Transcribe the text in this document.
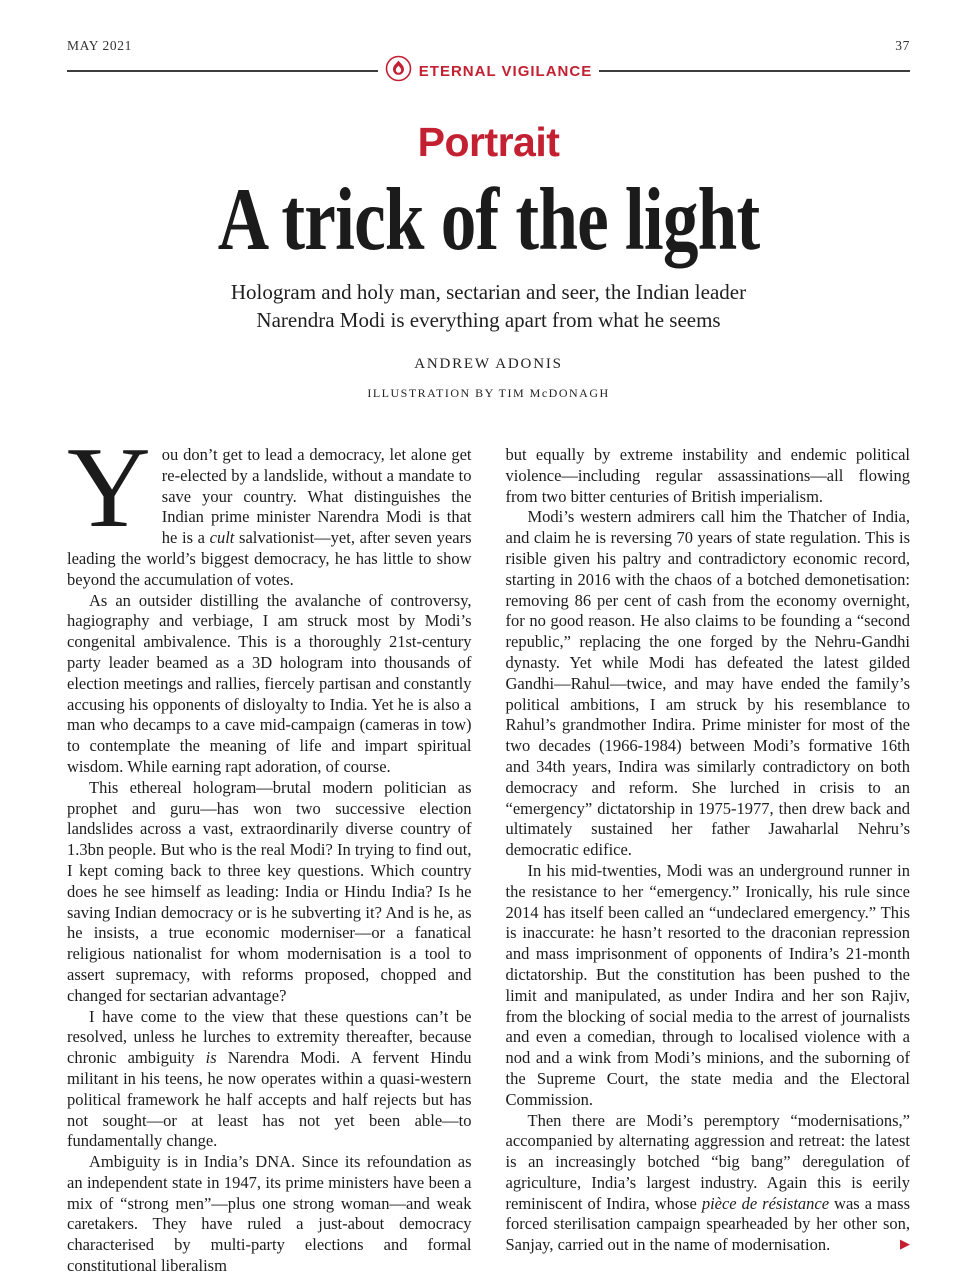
MAY 2021	37
ETERNAL VIGILANCE
Portrait
A trick of the light
Hologram and holy man, sectarian and seer, the Indian leader
Narendra Modi is everything apart from what he seems
ANDREW ADONIS
ILLUSTRATION BY TIM McDONAGH

You don’t get to lead a democracy, let alone get re-elected by a landslide, without a mandate to save your country. What distinguishes the Indian prime minister Narendra Modi is that he is a cult salvationist—yet, after seven years leading the world’s biggest democracy, he has little to show beyond the accumulation of votes.

As an outsider distilling the avalanche of controversy, hagiography and verbiage, I am struck most by Modi’s congenital ambivalence. This is a thoroughly 21st-century party leader beamed as a 3D hologram into thousands of election meetings and rallies, fiercely partisan and constantly accusing his opponents of disloyalty to India. Yet he is also a man who decamps to a cave mid-campaign (cameras in tow) to contemplate the meaning of life and impart spiritual wisdom. While earning rapt adoration, of course.

This ethereal hologram—brutal modern politician as prophet and guru—has won two successive election landslides across a vast, extraordinarily diverse country of 1.3bn people. But who is the real Modi? In trying to find out, I kept coming back to three key questions. Which country does he see himself as leading: India or Hindu India? Is he saving Indian democracy or is he subverting it? And is he, as he insists, a true economic moderniser—or a fanatical religious nationalist for whom modernisation is a tool to assert supremacy, with reforms proposed, chopped and changed for sectarian advantage?

I have come to the view that these questions can’t be resolved, unless he lurches to extremity thereafter, because chronic ambiguity is Narendra Modi. A fervent Hindu militant in his teens, he now operates within a quasi-western political framework he half accepts and half rejects but has not sought—or at least has not yet been able—to fundamentally change.

Ambiguity is in India’s DNA. Since its refoundation as an independent state in 1947, its prime ministers have been a mix of “strong men”—plus one strong woman—and weak caretakers. They have ruled a just-about democracy characterised by multi-party elections and formal constitutional liberalism

but equally by extreme instability and endemic political violence—including regular assassinations—all flowing from two bitter centuries of British imperialism.

Modi’s western admirers call him the Thatcher of India, and claim he is reversing 70 years of state regulation. This is risible given his paltry and contradictory economic record, starting in 2016 with the chaos of a botched demonetisation: removing 86 per cent of cash from the economy overnight, for no good reason. He also claims to be founding a “second republic,” replacing the one forged by the Nehru-Gandhi dynasty. Yet while Modi has defeated the latest gilded Gandhi—Rahul—twice, and may have ended the family’s political ambitions, I am struck by his resemblance to Rahul’s grandmother Indira. Prime minister for most of the two decades (1966-1984) between Modi’s formative 16th and 34th years, Indira was similarly contradictory on both democracy and reform. She lurched in crisis to an “emergency” dictatorship in 1975-1977, then drew back and ultimately sustained her father Jawaharlal Nehru’s democratic edifice.

In his mid-twenties, Modi was an underground runner in the resistance to her “emergency.” Ironically, his rule since 2014 has itself been called an “undeclared emergency.” This is inaccurate: he hasn’t resorted to the draconian repression and mass imprisonment of opponents of Indira’s 21-month dictatorship. But the constitution has been pushed to the limit and manipulated, as under Indira and her son Rajiv, from the blocking of social media to the arrest of journalists and even a comedian, through to localised violence with a nod and a wink from Modi’s minions, and the suborning of the Supreme Court, the state media and the Electoral Commission.

Then there are Modi’s peremptory “modernisations,” accompanied by alternating aggression and retreat: the latest is an increasingly botched “big bang” deregulation of agriculture, India’s largest industry. Again this is eerily reminiscent of Indira, whose pièce de résistance was a mass forced sterilisation campaign spearheaded by her other son, Sanjay, carried out in the name of modernisation.	▶
